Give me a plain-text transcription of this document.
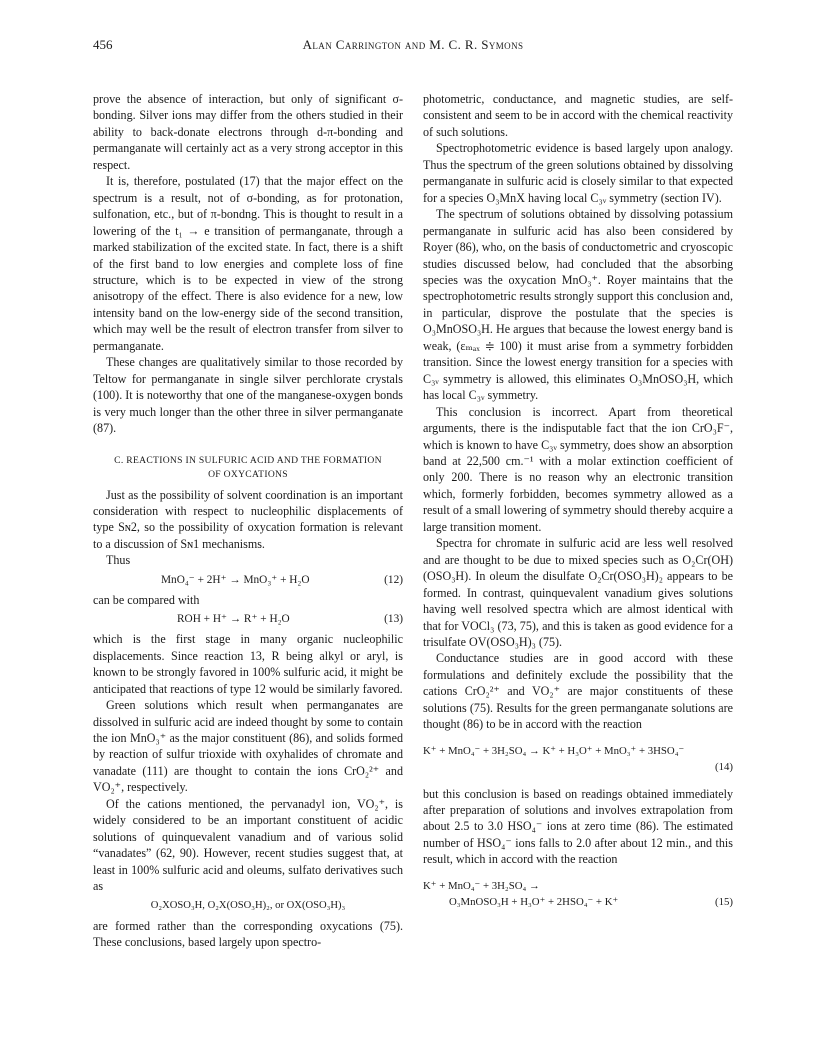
456	Alan Carrington and M. C. R. Symons

prove the absence of interaction, but only of significant σ-bonding. Silver ions may differ from the others studied in their ability to back-donate electrons through d-π-bonding and permanganate will certainly act as a very strong acceptor in this respect.

It is, therefore, postulated (17) that the major effect on the spectrum is a result, not of σ-bonding, as for protonation, sulfonation, etc., but of π-bondng. This is thought to result in a lowering of the t₁ → e transition of permanganate, through a marked stabilization of the excited state. In fact, there is a shift of the first band to low energies and complete loss of fine structure, which is to be expected in view of the strong anisotropy of the effect. There is also evidence for a new, low intensity band on the low-energy side of the second transition, which may well be the result of electron transfer from silver to permanganate.

These changes are qualitatively similar to those recorded by Teltow for permanganate in single silver perchlorate crystals (100). It is noteworthy that one of the manganese-oxygen bonds is very much longer than the other three in silver permanganate (87).

C. REACTIONS IN SULFURIC ACID AND THE FORMATION
OF OXYCATIONS

Just as the possibility of solvent coordination is an important consideration with respect to nucleophilic displacements of type Sɴ2, so the possibility of oxycation formation is relevant to a discussion of Sɴ1 mechanisms.

Thus

MnO₄⁻ + 2H⁺ → MnO₃⁺ + H₂O	(12)

can be compared with

ROH + H⁺ → R⁺ + H₂O	(13)

which is the first stage in many organic nucleophilic displacements. Since reaction 13, R being alkyl or aryl, is known to be strongly favored in 100% sulfuric acid, it might be anticipated that reactions of type 12 would be similarly favored.

Green solutions which result when permanganates are dissolved in sulfuric acid are indeed thought by some to contain the ion MnO₃⁺ as the major constituent (86), and solids formed by reaction of sulfur trioxide with oxyhalides of chromate and vanadate (111) are thought to contain the ions CrO₂²⁺ and VO₂⁺, respectively.

Of the cations mentioned, the pervanadyl ion, VO₂⁺, is widely considered to be an important constituent of acidic solutions of quinquevalent vanadium and of various solid “vanadates” (62, 90). However, recent studies suggest that, at least in 100% sulfuric acid and oleums, sulfato derivatives such as

O₂XOSO₃H, O₂X(OSO₃H)₂, or OX(OSO₃H)₃

are formed rather than the corresponding oxycations (75). These conclusions, based largely upon spectro-

photometric, conductance, and magnetic studies, are self-consistent and seem to be in accord with the chemical reactivity of such solutions.

Spectrophotometric evidence is based largely upon analogy. Thus the spectrum of the green solutions obtained by dissolving permanganate in sulfuric acid is closely similar to that expected for a species O₃MnX having local C₃ᵥ symmetry (section IV).

The spectrum of solutions obtained by dissolving potassium permanganate in sulfuric acid has also been considered by Royer (86), who, on the basis of conductometric and cryoscopic studies discussed below, had concluded that the absorbing species was the oxycation MnO₃⁺. Royer maintains that the spectrophotometric results strongly support this conclusion and, in particular, disprove the postulate that the species is O₃MnOSO₃H. He argues that because the lowest energy band is weak, (εₘₐₓ ≑ 100) it must arise from a symmetry forbidden transition. Since the lowest energy transition for a species with C₃ᵥ symmetry is allowed, this eliminates O₃MnOSO₃H, which has local C₃ᵥ symmetry.

This conclusion is incorrect. Apart from theoretical arguments, there is the indisputable fact that the ion CrO₃F⁻, which is known to have C₃ᵥ symmetry, does show an absorption band at 22,500 cm.⁻¹ with a molar extinction coefficient of only 200. There is no reason why an electronic transition which, formerly forbidden, becomes symmetry allowed as a result of a small lowering of symmetry should thereby acquire a large transition moment.

Spectra for chromate in sulfuric acid are less well resolved and are thought to be due to mixed species such as O₂Cr(OH)(OSO₃H). In oleum the disulfate O₂Cr(OSO₃H)₂ appears to be formed. In contrast, quinquevalent vanadium gives solutions having well resolved spectra which are almost identical with that for VOCl₃ (73, 75), and this is taken as good evidence for a trisulfate OV(OSO₃H)₃ (75).

Conductance studies are in good accord with these formulations and definitely exclude the possibility that the cations CrO₂²⁺ and VO₂⁺ are major constituents of these solutions (75). Results for the green permanganate solutions are thought (86) to be in accord with the reaction

K⁺ + MnO₄⁻ + 3H₂SO₄ → K⁺ + H₃O⁺ + MnO₃⁺ + 3HSO₄⁻
(14)

but this conclusion is based on readings obtained immediately after preparation of solutions and involves extrapolation from about 2.5 to 3.0 HSO₄⁻ ions at zero time (86). The estimated number of HSO₄⁻ ions falls to 2.0 after about 12 min., and this result, which in accord with the reaction

K⁺ + MnO₄⁻ + 3H₂SO₄ →
O₃MnOSO₃H + H₃O⁺ + 2HSO₄⁻ + K⁺	(15)
